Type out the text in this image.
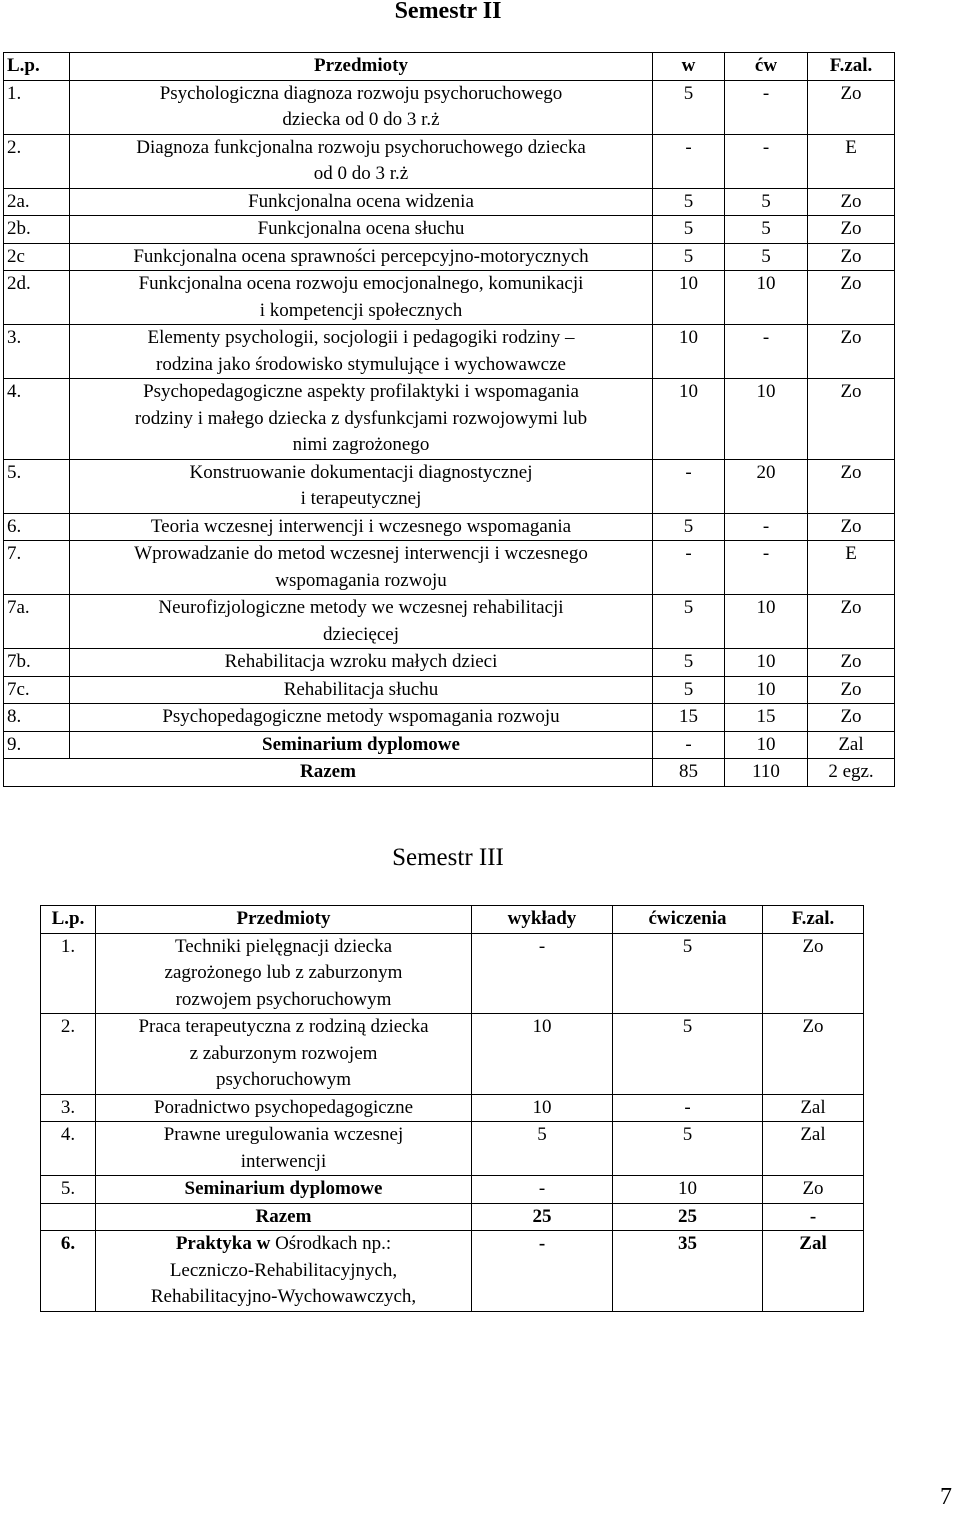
Semestr II
L.p.	Przedmioty	w	ćw	F.zal.
1.	Psychologiczna diagnoza rozwoju psychoruchowego
dziecka od 0 do 3 r.ż	5	-	Zo
2.	Diagnoza funkcjonalna rozwoju psychoruchowego dziecka
od 0 do 3 r.ż	-	-	E
2a.	Funkcjonalna ocena widzenia	5	5	Zo
2b.	Funkcjonalna ocena słuchu	5	5	Zo
2c	Funkcjonalna ocena sprawności percepcyjno-motorycznych	5	5	Zo
2d.	Funkcjonalna ocena rozwoju emocjonalnego, komunikacji
i kompetencji społecznych	10	10	Zo
3.	Elementy psychologii, socjologii i pedagogiki rodziny –
rodzina jako środowisko stymulujące i wychowawcze	10	-	Zo
4.	Psychopedagogiczne aspekty profilaktyki i wspomagania
rodziny i małego dziecka z dysfunkcjami rozwojowymi lub
nimi zagrożonego	10	10	Zo
5.	Konstruowanie dokumentacji diagnostycznej
i terapeutycznej	-	20	Zo
6.	Teoria wczesnej interwencji i wczesnego wspomagania	5	-	Zo
7.	Wprowadzanie do metod wczesnej interwencji i wczesnego
wspomagania rozwoju	-	-	E
7a.	Neurofizjologiczne metody we wczesnej rehabilitacji
dziecięcej	5	10	Zo
7b.	Rehabilitacja wzroku małych dzieci	5	10	Zo
7c.	Rehabilitacja słuchu	5	10	Zo
8.	Psychopedagogiczne metody wspomagania rozwoju	15	15	Zo
9.	Seminarium dyplomowe	-	10	Zal
Razem		85	110	2 egz.
Semestr III
L.p.	Przedmioty	wykłady	ćwiczenia	F.zal.
1.	Techniki pielęgnacji dziecka
zagrożonego lub z zaburzonym
rozwojem psychoruchowym	-	5	Zo
2.	Praca terapeutyczna z rodziną dziecka
z zaburzonym rozwojem
psychoruchowym	10	5	Zo
3.	Poradnictwo psychopedagogiczne	10	-	Zal
4.	Prawne uregulowania wczesnej
interwencji	5	5	Zal
5.	Seminarium dyplomowe	-	10	Zo
	Razem	25	25	-
6.	Praktyka w Ośrodkach np.:
Leczniczo-Rehabilitacyjnych,
Rehabilitacyjno-Wychowawczych,	-	35	Zal
7
